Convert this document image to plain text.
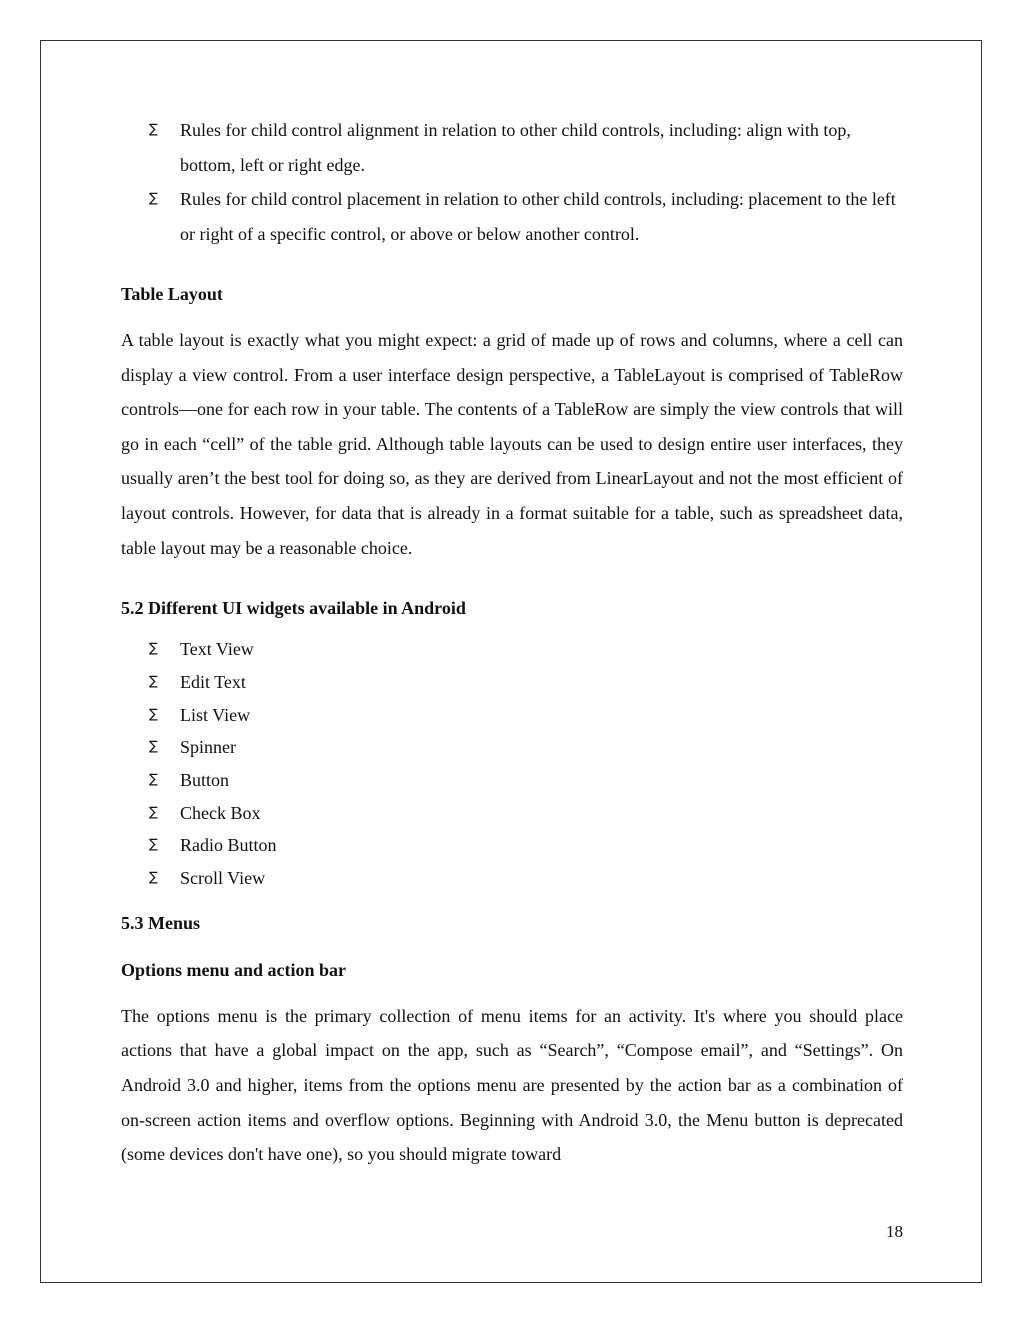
∑ Rules for child control alignment in relation to other child controls, including: align with top, bottom, left or right edge.
∑ Rules for child control placement in relation to other child controls, including: placement to the left or right of a specific control, or above or below another control.
Table Layout

A table layout is exactly what you might expect: a grid of made up of rows and columns, where a cell can display a view control. From a user interface design perspective, a TableLayout is comprised of TableRow controls—one for each row in your table. The contents of a TableRow are simply the view controls that will go in each “cell” of the table grid. Although table layouts can be used to design entire user interfaces, they usually aren’t the best tool for doing so, as they are derived from LinearLayout and not the most efficient of layout controls. However, for data that is already in a format suitable for a table, such as spreadsheet data, table layout may be a reasonable choice.

5.2 Different UI widgets available in Android
∑ Text View
∑ Edit Text
∑ List View
∑ Spinner
∑ Button
∑ Check Box
∑ Radio Button
∑ Scroll View
5.3 Menus
Options menu and action bar

The options menu is the primary collection of menu items for an activity. It's where you should place actions that have a global impact on the app, such as “Search”, “Compose email”, and “Settings”. On Android 3.0 and higher, items from the options menu are presented by the action bar as a combination of on-screen action items and overflow options. Beginning with Android 3.0, the Menu button is deprecated (some devices don't have one), so you should migrate toward

18
